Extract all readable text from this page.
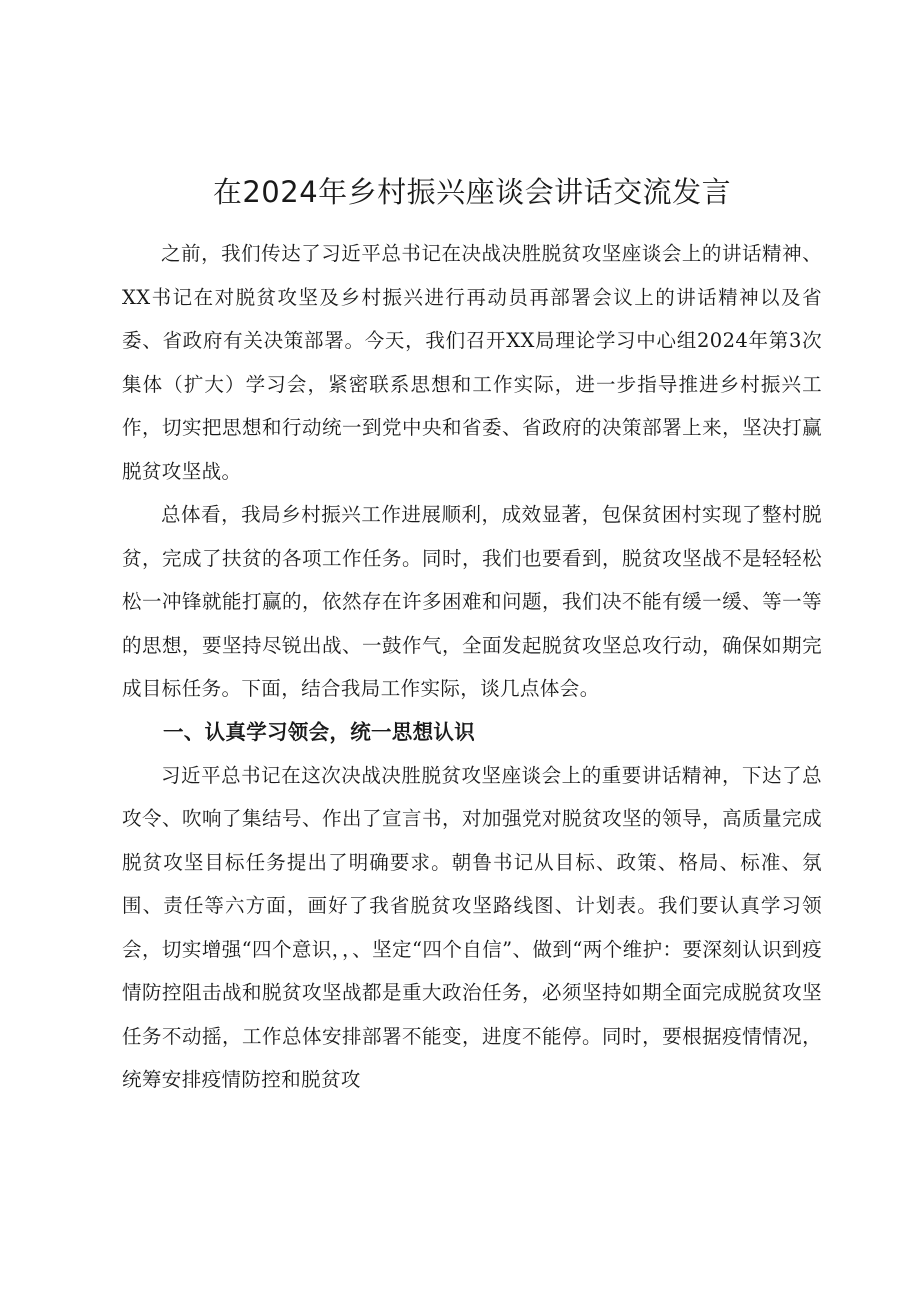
在2024年乡村振兴座谈会讲话交流发言

之前，我们传达了习近平总书记在决战决胜脱贫攻坚座谈会上的讲话精神、XX书记在对脱贫攻坚及乡村振兴进行再动员再部署会议上的讲话精神以及省委、省政府有关决策部署。今天，我们召开XX局理论学习中心组2024年第3次集体（扩大）学习会，紧密联系思想和工作实际，进一步指导推进乡村振兴工作，切实把思想和行动统一到党中央和省委、省政府的决策部署上来，坚决打赢脱贫攻坚战。

总体看，我局乡村振兴工作进展顺利，成效显著，包保贫困村实现了整村脱贫，完成了扶贫的各项工作任务。同时，我们也要看到，脱贫攻坚战不是轻轻松松一冲锋就能打赢的，依然存在许多困难和问题，我们决不能有缓一缓、等一等的思想，要坚持尽锐出战、一鼓作气，全面发起脱贫攻坚总攻行动，确保如期完成目标任务。下面，结合我局工作实际，谈几点体会。

一、认真学习领会，统一思想认识

习近平总书记在这次决战决胜脱贫攻坚座谈会上的重要讲话精神，下达了总攻令、吹响了集结号、作出了宣言书，对加强党对脱贫攻坚的领导，高质量完成脱贫攻坚目标任务提出了明确要求。朝鲁书记从目标、政策、格局、标准、氛围、责任等六方面，画好了我省脱贫攻坚路线图、计划表。我们要认真学习领会，切实增强“四个意识，，、坚定“四个自信”、做到“两个维护：要深刻认识到疫情防控阻击战和脱贫攻坚战都是重大政治任务，必须坚持如期全面完成脱贫攻坚任务不动摇，工作总体安排部署不能变，进度不能停。同时，要根据疫情情况，统筹安排疫情防控和脱贫攻
